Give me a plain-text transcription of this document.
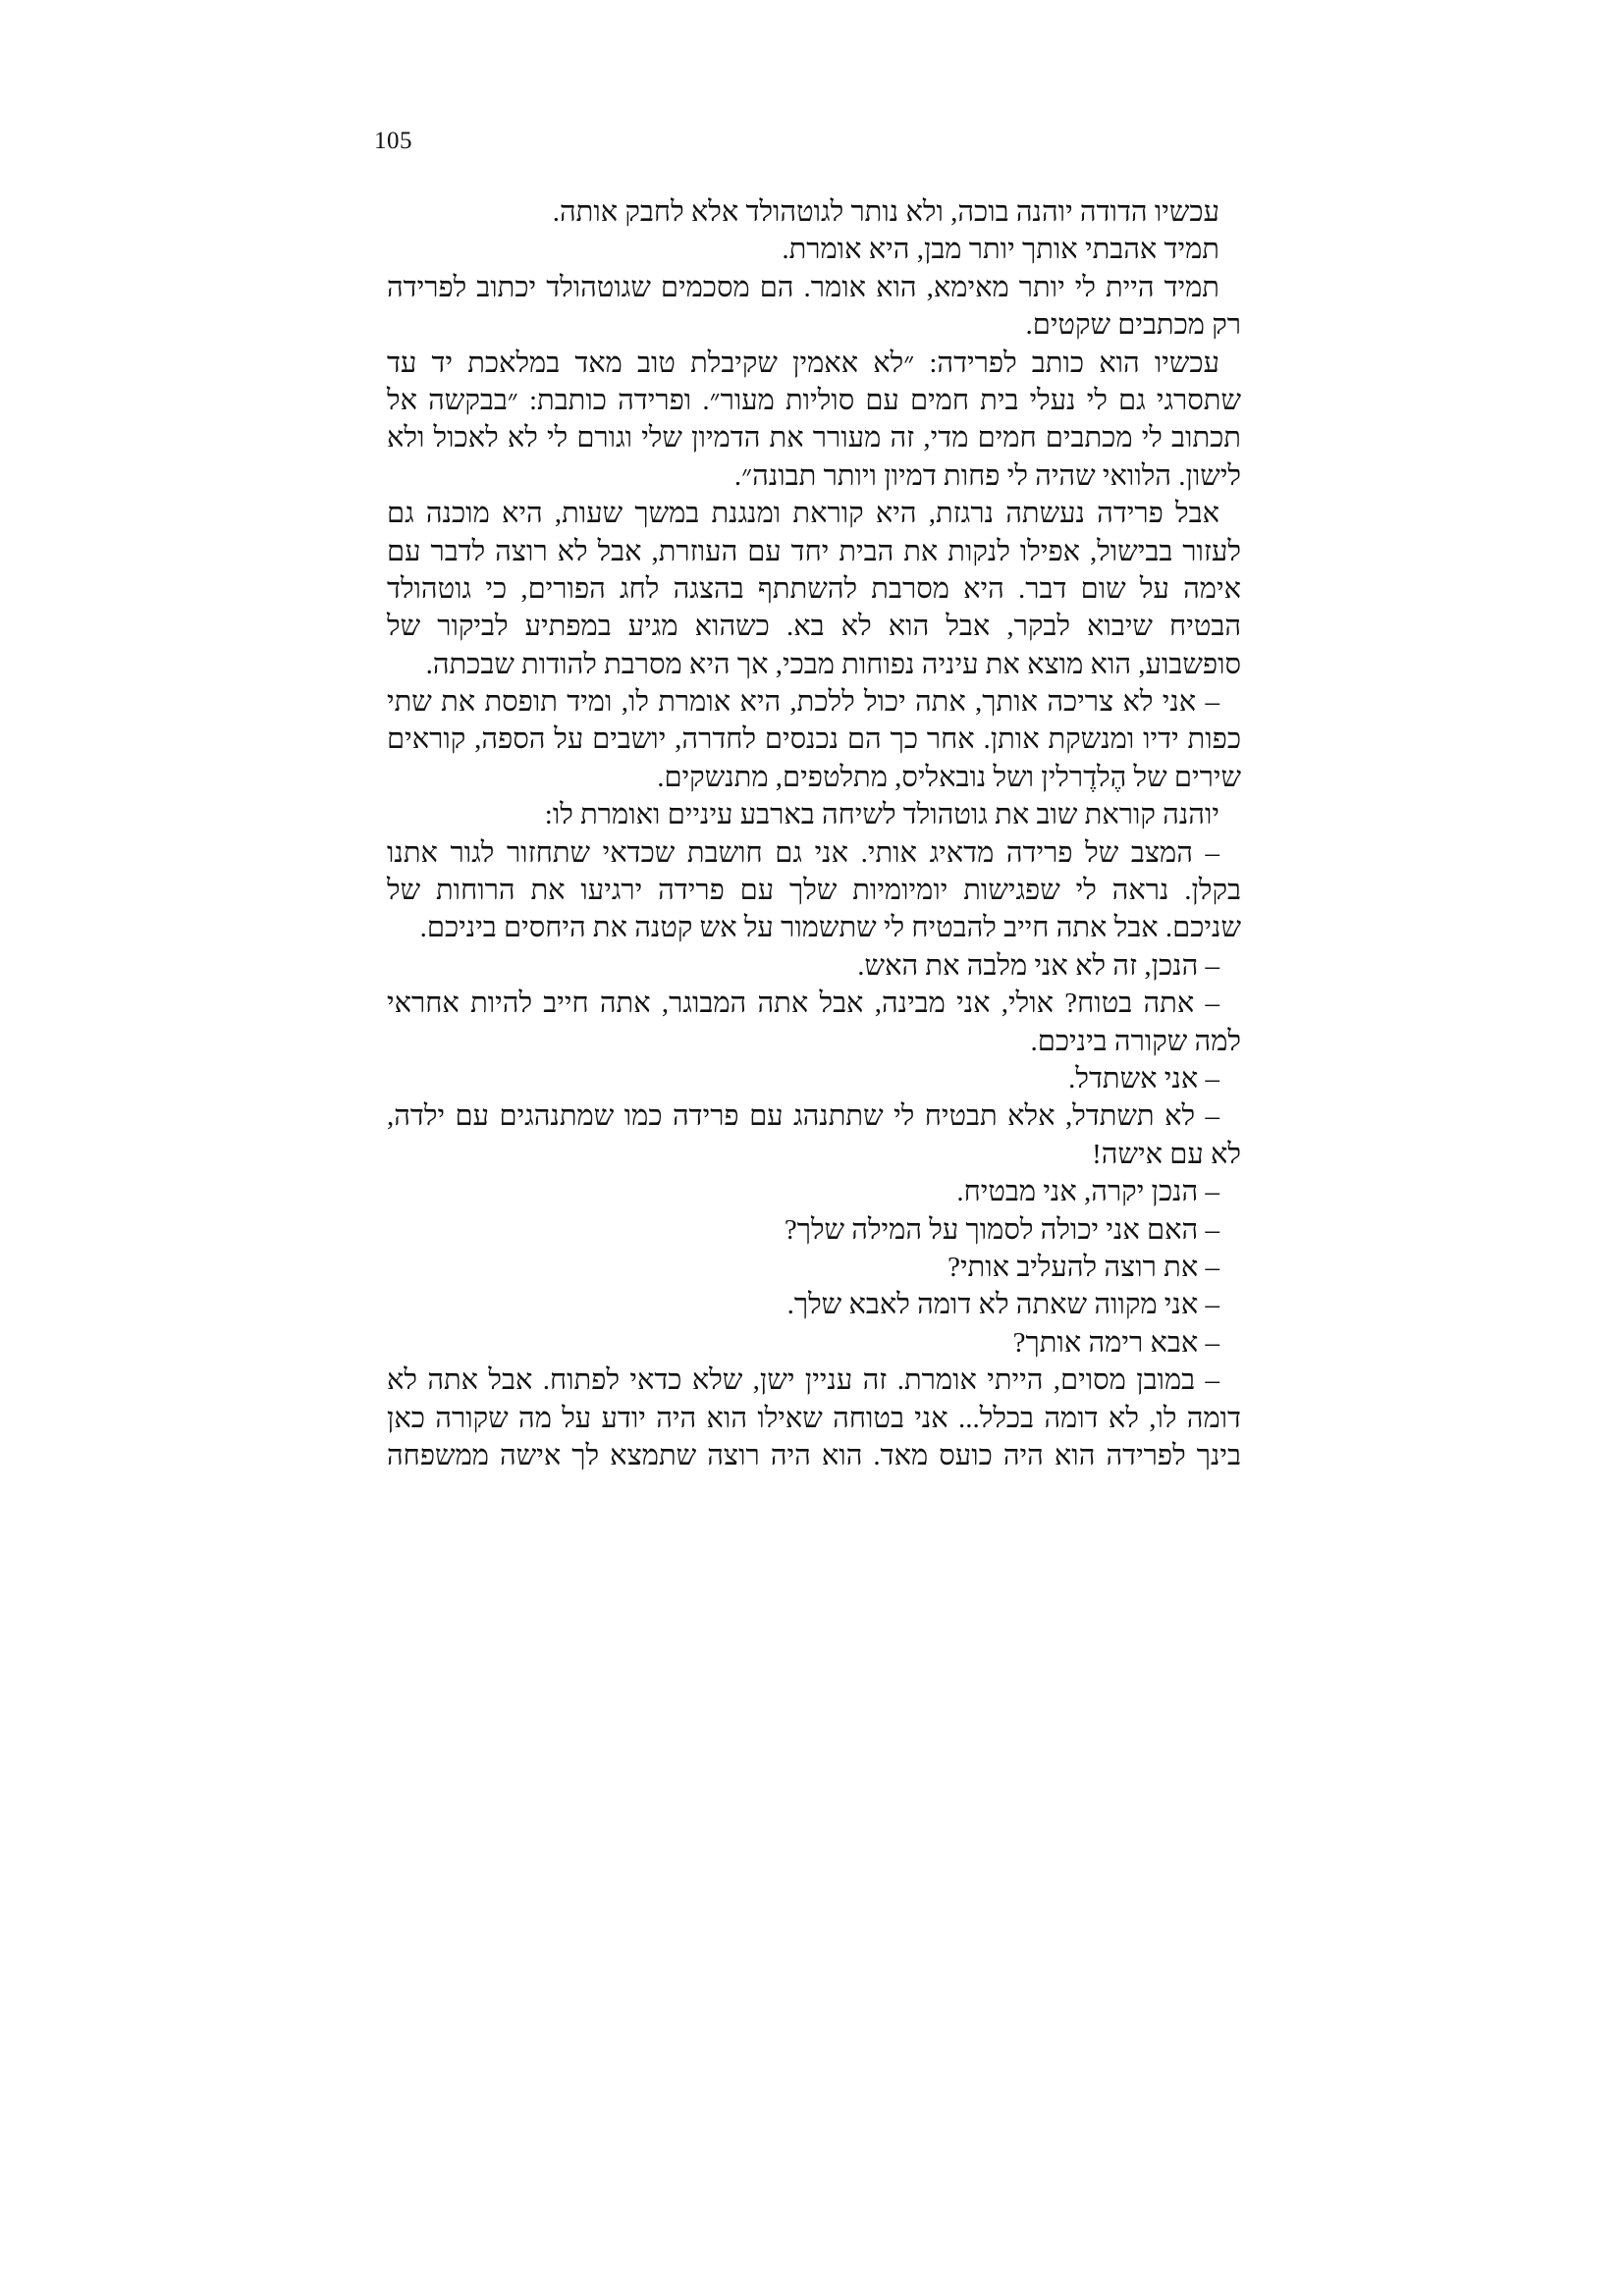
105
עכשיו הדודה יוהנה בוכה, ולא נותר לגוטהולד אלא לחבק אותה.
תמיד אהבתי אותך יותר מבן, היא אומרת.
תמיד היית לי יותר מאימא, הוא אומר. הם מסכמים שגוטהולד יכתוב לפרידה
רק מכתבים שקטים.
עכשיו הוא כותב לפרידה: ״לא אאמין שקיבלת טוב מאד במלאכת יד עד
שתסרגי גם לי נעלי בית חמים עם סוליות מעור״. ופרידה כותבת: ״בבקשה אל
תכתוב לי מכתבים חמים מדי, זה מעורר את הדמיון שלי וגורם לי לא לאכול ולא
לישון. הלוואי שהיה לי פחות דמיון ויותר תבונה״.
אבל פרידה נעשתה נרגזת, היא קוראת ומנגנת במשך שעות, היא מוכנה גם
לעזור בבישול, אפילו לנקות את הבית יחד עם העוזרת, אבל לא רוצה לדבר עם
אימה על שום דבר. היא מסרבת להשתתף בהצגה לחג הפורים, כי גוטהולד
הבטיח שיבוא לבקר, אבל הוא לא בא. כשהוא מגיע במפתיע לביקור של
סופשבוע, הוא מוצא את עיניה נפוחות מבכי, אך היא מסרבת להודות שבכתה.
– אני לא צריכה אותך, אתה יכול ללכת, היא אומרת לו, ומיד תופסת את שתי
כפות ידיו ומנשקת אותן. אחר כך הם נכנסים לחדרה, יושבים על הספה, קוראים
שירים של הֶלדֶרלין ושל נובאליס, מתלטפים, מתנשקים.
יוהנה קוראת שוב את גוטהולד לשיחה בארבע עיניים ואומרת לו:
– המצב של פרידה מדאיג אותי. אני גם חושבת שכדאי שתחזור לגור אתנו
בקלן. נראה לי שפגישות יומיומיות שלך עם פרידה ירגיעו את הרוחות של
שניכם. אבל אתה חייב להבטיח לי שתשמור על אש קטנה את היחסים ביניכם.
– הנכן, זה לא אני מלבה את האש.
– אתה בטוח? אולי, אני מבינה, אבל אתה המבוגר, אתה חייב להיות אחראי
למה שקורה ביניכם.
– אני אשתדל.
– לא תשתדל, אלא תבטיח לי שתתנהג עם פרידה כמו שמתנהגים עם ילדה,
לא עם אישה!
– הנכן יקרה, אני מבטיח.
– האם אני יכולה לסמוך על המילה שלך?
– את רוצה להעליב אותי?
– אני מקווה שאתה לא דומה לאבא שלך.
– אבא רימה אותך?
– במובן מסוים, הייתי אומרת. זה עניין ישן, שלא כדאי לפתוח. אבל אתה לא
דומה לו, לא דומה בכלל... אני בטוחה שאילו הוא היה יודע על מה שקורה כאן
בינך לפרידה הוא היה כועס מאד. הוא היה רוצה שתמצא לך אישה ממשפחה
